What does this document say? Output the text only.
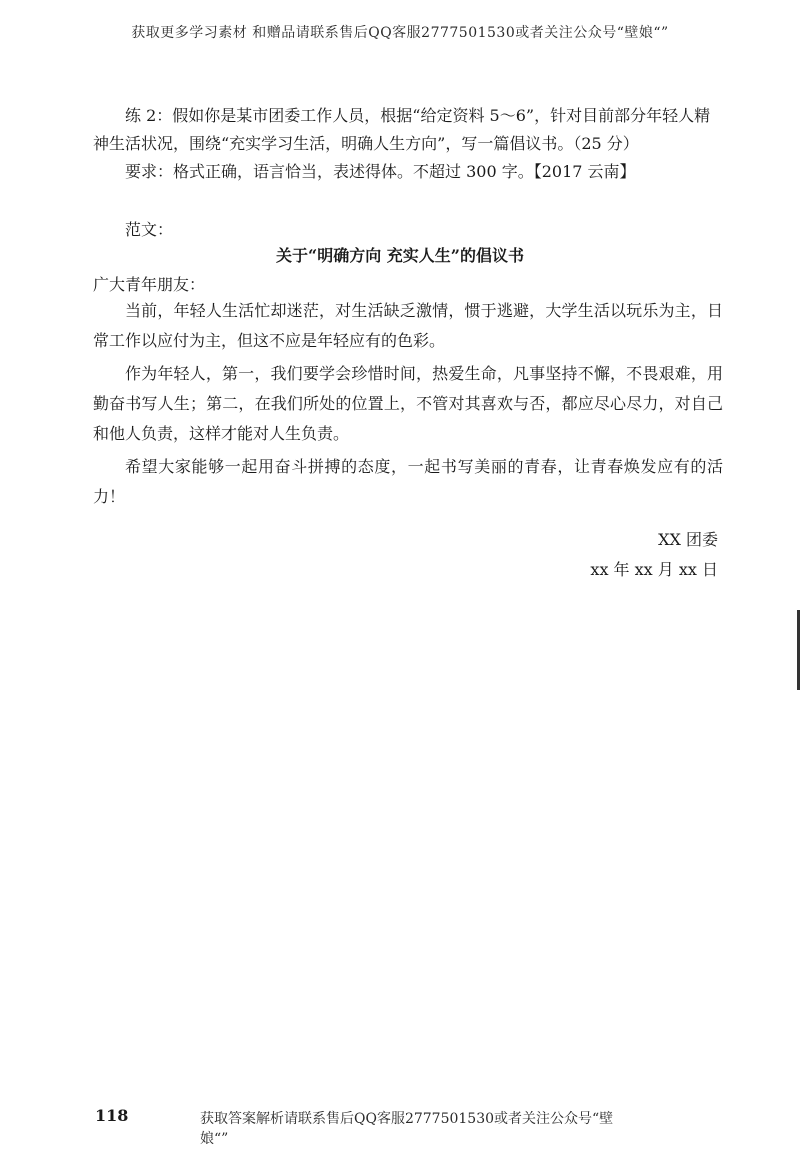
获取更多学习素材 和赠品请联系售后QQ客服2777501530或者关注公众号“壁娘“”

练 2：假如你是某市团委工作人员，根据“给定资料 5～6”，针对目前部分年轻人精神生活状况，围绕“充实学习生活，明确人生方向”，写一篇倡议书。（25 分）

要求：格式正确，语言恰当，表述得体。不超过 300 字。【2017 云南】
范文：
关于“明确方向 充实人生”的倡议书
广大青年朋友：

当前，年轻人生活忙却迷茫，对生活缺乏激情，惯于逃避，大学生活以玩乐为主，日常工作以应付为主，但这不应是年轻应有的色彩。

作为年轻人，第一，我们要学会珍惜时间，热爱生命，凡事坚持不懈，不畏艰难，用勤奋书写人生；第二，在我们所处的位置上，不管对其喜欢与否，都应尽心尽力，对自己和他人负责，这样才能对人生负责。

希望大家能够一起用奋斗拼搏的态度，一起书写美丽的青春，让青春焕发应有的活力！

XX 团委
xx 年 xx 月 xx 日
118	获取答案解析请联系售后QQ客服2777501530或者关注公众号“壁娘“”
